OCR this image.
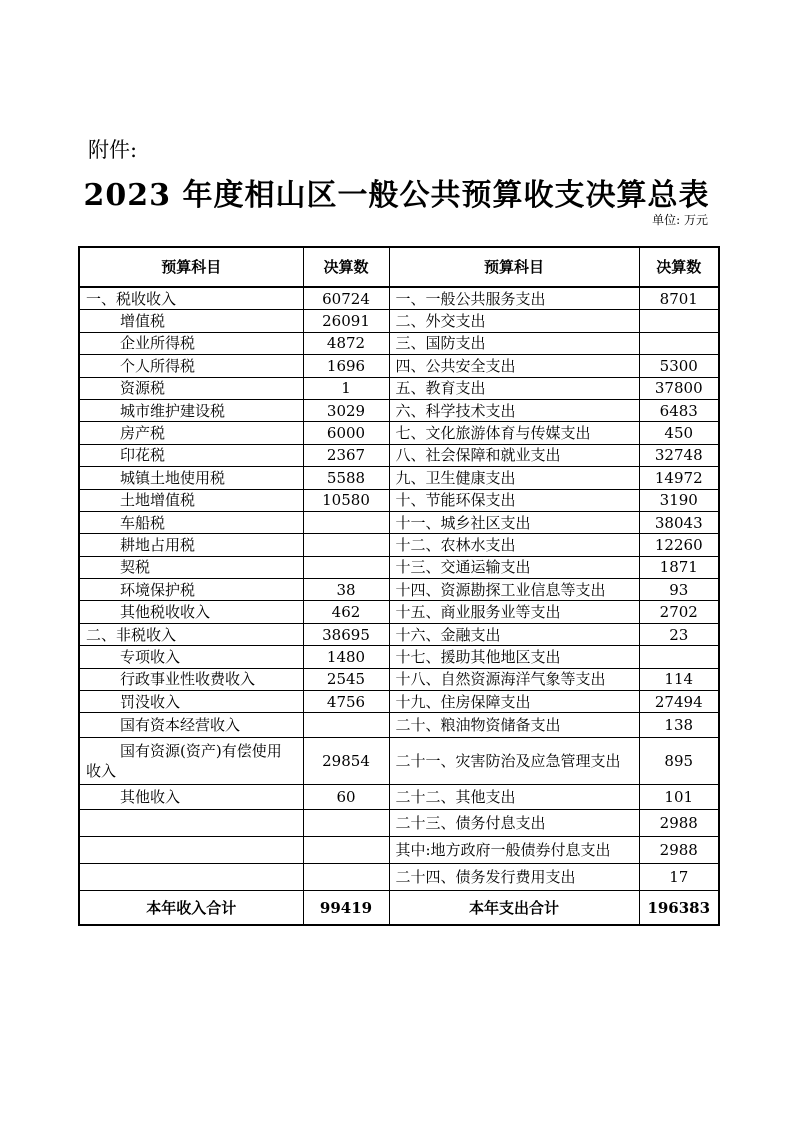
附件:
2023 年度相山区一般公共预算收支决算总表
单位: 万元
预算科目	决算数	预算科目	决算数
一、税收收入	60724	一、一般公共服务支出	8701
增值税	26091	二、外交支出	
企业所得税	4872	三、国防支出	
个人所得税	1696	四、公共安全支出	5300
资源税	1	五、教育支出	37800
城市维护建设税	3029	六、科学技术支出	6483
房产税	6000	七、文化旅游体育与传媒支出	450
印花税	2367	八、社会保障和就业支出	32748
城镇土地使用税	5588	九、卫生健康支出	14972
土地增值税	10580	十、节能环保支出	3190
车船税		十一、城乡社区支出	38043
耕地占用税		十二、农林水支出	12260
契税		十三、交通运输支出	1871
环境保护税	38	十四、资源勘探工业信息等支出	93
其他税收收入	462	十五、商业服务业等支出	2702
二、非税收入	38695	十六、金融支出	23
专项收入	1480	十七、援助其他地区支出	
行政事业性收费收入	2545	十八、自然资源海洋气象等支出	114
罚没收入	4756	十九、住房保障支出	27494
国有资本经营收入		二十、粮油物资储备支出	138
国有资源(资产)有偿使用收入	29854	二十一、灾害防治及应急管理支出	895
其他收入	60	二十二、其他支出	101
		二十三、债务付息支出	2988
		其中:地方政府一般债券付息支出	2988
		二十四、债务发行费用支出	17
本年收入合计	99419	本年支出合计	196383
